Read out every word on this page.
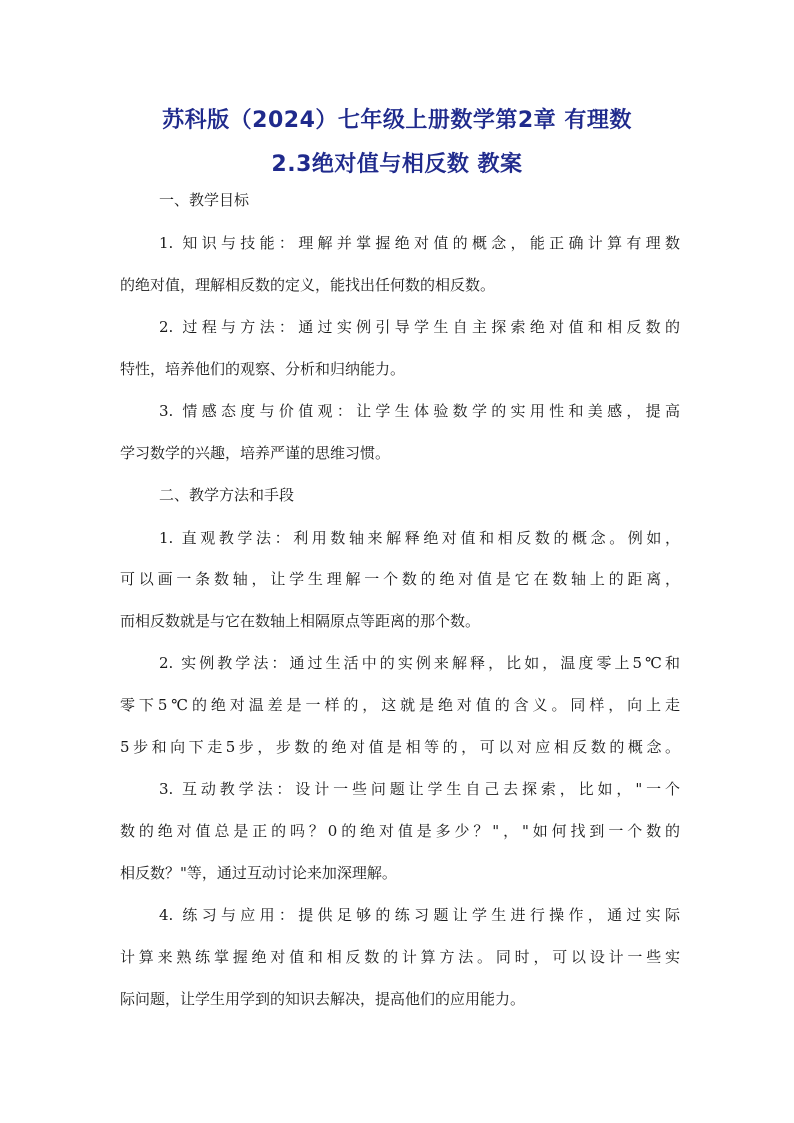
苏科版（2024）七年级上册数学第2章 有理数
2.3绝对值与相反数 教案
一、教学目标
1. 知识与技能：理解并掌握绝对值的概念，能正确计算有理数
的绝对值，理解相反数的定义，能找出任何数的相反数。
2. 过程与方法：通过实例引导学生自主探索绝对值和相反数的
特性，培养他们的观察、分析和归纳能力。
3. 情感态度与价值观：让学生体验数学的实用性和美感，提高
学习数学的兴趣，培养严谨的思维习惯。
二、教学方法和手段
1. 直观教学法：利用数轴来解释绝对值和相反数的概念。例如，
可以画一条数轴，让学生理解一个数的绝对值是它在数轴上的距离，
而相反数就是与它在数轴上相隔原点等距离的那个数。
2. 实例教学法：通过生活中的实例来解释，比如，温度零上5℃和
零下5℃的绝对温差是一样的，这就是绝对值的含义。同样，向上走
5步和向下走5步，步数的绝对值是相等的，可以对应相反数的概念。
3. 互动教学法：设计一些问题让学生自己去探索，比如，"一个
数的绝对值总是正的吗？0的绝对值是多少？"，"如何找到一个数的
相反数？"等，通过互动讨论来加深理解。
4. 练习与应用：提供足够的练习题让学生进行操作，通过实际
计算来熟练掌握绝对值和相反数的计算方法。同时，可以设计一些实
际问题，让学生用学到的知识去解决，提高他们的应用能力。
